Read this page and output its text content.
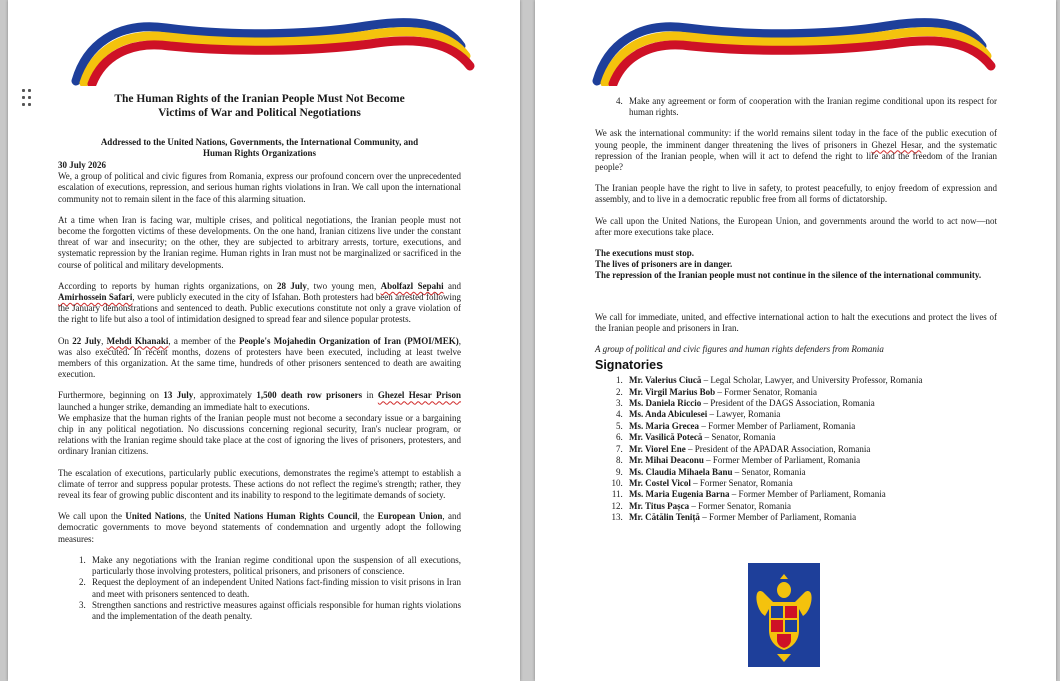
The Human Rights of the Iranian People Must Not Become
Victims of War and Political Negotiations
Addressed to the United Nations, Governments, the International Community, and Human Rights Organizations
30 July 2026

We, a group of political and civic figures from Romania, express our profound concern over the unprecedented escalation of executions, repression, and serious human rights violations in Iran. We call upon the international community not to remain silent in the face of this alarming situation.

At a time when Iran is facing war, multiple crises, and political negotiations, the Iranian people must not become the forgotten victims of these developments. On the one hand, Iranian citizens live under the constant threat of war and insecurity; on the other, they are subjected to arbitrary arrests, torture, executions, and systematic repression by the Iranian regime. Human rights in Iran must not be marginalized or sacrificed in the course of political and military developments.

According to reports by human rights organizations, on 28 July, two young men, Abolfazl Sepahi and Amirhossein Safari, were publicly executed in the city of Isfahan. Both protesters had been arrested following the January demonstrations and sentenced to death. Public executions constitute not only a grave violation of the right to life but also a tool of intimidation designed to spread fear and silence popular protests.

On 22 July, Mehdi Khanaki, a member of the People's Mojahedin Organization of Iran (PMOI/MEK), was also executed. In recent months, dozens of protesters have been executed, including at least twelve members of this organization. At the same time, hundreds of other prisoners sentenced to death are awaiting execution.

Furthermore, beginning on 13 July, approximately 1,500 death row prisoners in Ghezel Hesar Prison launched a hunger strike, demanding an immediate halt to executions.
We emphasize that the human rights of the Iranian people must not become a secondary issue or a bargaining chip in any political negotiation. No discussions concerning regional security, Iran's nuclear program, or relations with the Iranian regime should take place at the cost of ignoring the lives of prisoners, protesters, and ordinary Iranian citizens.

The escalation of executions, particularly public executions, demonstrates the regime's attempt to establish a climate of terror and suppress popular protests. These actions do not reflect the regime's strength; rather, they reveal its fear of growing public discontent and its inability to respond to the legitimate demands of society.

We call upon the United Nations, the United Nations Human Rights Council, the European Union, and democratic governments to move beyond statements of condemnation and urgently adopt the following measures:

1. Make any negotiations with the Iranian regime conditional upon the suspension of all executions, particularly those involving protesters, political prisoners, and prisoners of conscience.
2. Request the deployment of an independent United Nations fact-finding mission to visit prisons in Iran and meet with prisoners sentenced to death.
3. Strengthen sanctions and restrictive measures against officials responsible for human rights violations and the implementation of the death penalty.
4. Make any agreement or form of cooperation with the Iranian regime conditional upon its respect for human rights.

We ask the international community: if the world remains silent today in the face of the public execution of young people, the imminent danger threatening the lives of prisoners in Ghezel Hesar, and the systematic repression of the Iranian people, when will it act to defend the right to life and the freedom of the Iranian people?

The Iranian people have the right to live in safety, to protest peacefully, to enjoy freedom of expression and assembly, and to live in a democratic republic free from all forms of dictatorship.

We call upon the United Nations, the European Union, and governments around the world to act now—not after more executions take place.

The executions must stop.
The lives of prisoners are in danger.
The repression of the Iranian people must not continue in the silence of the international community.

We call for immediate, united, and effective international action to halt the executions and protect the lives of the Iranian people and prisoners in Iran.

A group of political and civic figures and human rights defenders from Romania
Signatories
1. Mr. Valerius Ciucă – Legal Scholar, Lawyer, and University Professor, Romania
2. Mr. Virgil Marius Bob – Former Senator, Romania
3. Ms. Daniela Riccio – President of the DAGS Association, Romania
4. Ms. Anda Abiculesei – Lawyer, Romania
5. Ms. Maria Grecea – Former Member of Parliament, Romania
6. Mr. Vasilică Potecă – Senator, Romania
7. Mr. Viorel Ene – President of the APADAR Association, Romania
8. Mr. Mihai Deaconu – Former Member of Parliament, Romania
9. Ms. Claudia Mihaela Banu – Senator, Romania
10. Mr. Costel Vicol – Former Senator, Romania
11. Ms. Maria Eugenia Barna – Former Member of Parliament, Romania
12. Mr. Titus Pașca – Former Senator, Romania
13. Mr. Cătălin Teniță – Former Member of Parliament, Romania
